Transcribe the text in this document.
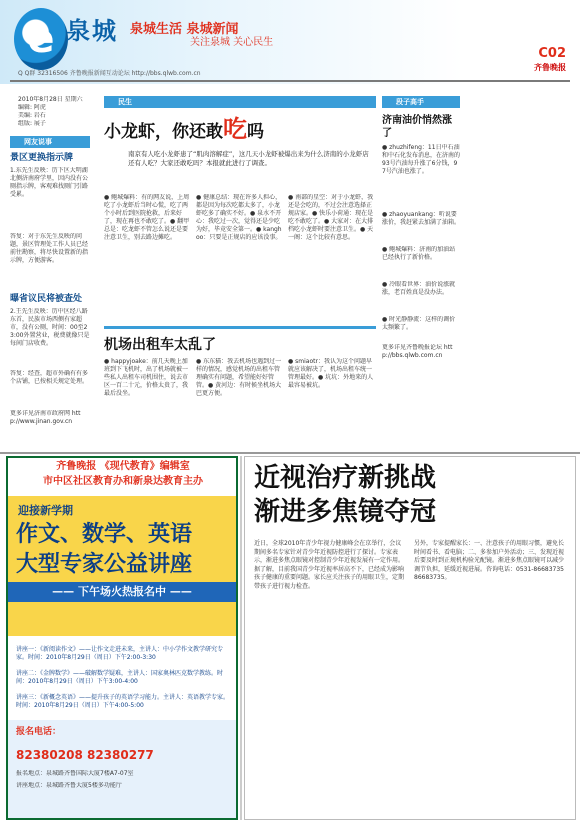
e 泉城 泉城生活 泉城新闻
关注泉城 关心民生
C02
齐鲁晚报
Q Q群 32316506 齐鲁晚报新闻互动论坛 http://bbs.qlwb.com.cn
2010年8月28日 星期六
编辑: 阿虎
美编: 岩石
组版: 展子
网友说事
景区更换指示牌
1.东先生反映：历下区大明湖北侧济南府学里，因内没有公厕指示牌，客观难找厕门引路受累。
答复：对于东先生反映的问题，景区管理处工作人员已经前往勘察，将尽快设置新的指示牌，方便游客。
曝省议民将被查处
2.王先生反映：历中区经八路东首，民族市场西侧有家超市，没有公厕，时间：00至23:00外置营业，税费就像只是每间门店收费。
答复：经查，超市外确有有多个店铺，已按相关规定处理。
更多详见济南市政府网 http://www.jinan.gov.cn
民生
小龙虾，你还敢吃吗
南京有人吃小龙虾患了“肌肉溶解症”，这几天小龙虾被爆出来为什么济南的小龙虾店还有人吃？大家还敢吃吗？本报就此进行了调查。
● 鲍城爆料：有的网友说，上周吃了小龙虾后当时心慌，吃了两个小时后到医院抢救，后来好了，现在再也不敢吃了。● 翻甲总是：吃龙虾不管怎么说还是要注意卫生，别去路边摊吃。
● 健康总结：现在许多人担心，都是因为每次吃都太多了，小龙虾吃多了确实不好。● 泉水不开心：我吃过一次，觉得还是少吃为好，毕竟安全第一。● kanghoo：只要是正规店的应该没事。
● 南部的星空：对于小龙虾，我还是会吃的，不过会注意选择正规店家。● 快乐小荷通：现在是吃不敢吃了。● 大家对：在大排档吃小龙虾时要注意卫生。● 天一阁：这个比较有意思。
机场出租车太乱了
● happyjoake：前几天晚上加班到下飞机时，出了机场就被一些私人出租车司机围住，说去市区一百二十元，价格太贵了，我最后没坐。
● 东东猫：我去机场也遇到过一样的情况，感觉机场的出租车管理确实有问题，希望能好好管管。● 黄河边：有时候坐机场大巴更方便。
● smiaotr：我认为这个问题早就应该解决了，机场出租车统一管理最好。● 坑坑：外地来的人最容易被坑。
段子高手
济南油价悄然涨了
● zhuzhifeng：11日中石油和中石化发布消息，在济南的93号汽油每升涨了6分钱，97号汽油也涨了。
● zhaoyuankang：听说要涨价，我赶紧去加满了油箱。
● 鲍城爆料：济南的加油站已经执行了新价格。
● 冷眼看世界：油价说涨就涨，老百姓真是没办法。
● 时光静静流：这样的调价太频繁了。
更多详见齐鲁晚报论坛 http://bbs.qlwb.com.cn
齐鲁晚报 《现代教育》编辑室
市中区社区教育办和新泉达教育主办
迎接新学期
作文、数学、英语
大型专家公益讲座
—— 下午场火热报名中 ——
讲座一：《新阅读作文》——让作文走进未来，主讲人：中小学作文教学研究专家。时间：2010年8月29日（周日）下午2:00-3:30
讲座二：《金牌数学》——破解数学疑难，主讲人：国家奥林匹克数学教练。时间：2010年8月29日（周日）下午3:00-4:00
讲座三：《新概念英语》——提升孩子的英语学习能力。主讲人：英语教学专家。时间：2010年8月29日（周日）下午4:00-5:00
报名电话：
82380208 82380277
报名地点：泉城路齐鲁国际大厦7楼A7-07室
讲座地点：泉城路齐鲁大厦5楼多功能厅
近视治疗新挑战
渐进多焦镜夺冠
近日，全球2010年青少年视力健康峰会在京举行，会议期间多名专家针对青少年近视防控进行了探讨。专家表示，渐进多焦点眼镜对控制青少年近视发展有一定作用。据了解，目前我国青少年近视率居高不下，已经成为影响孩子健康的重要问题。家长应关注孩子的用眼卫生，定期带孩子进行视力检查。
另外，专家提醒家长：一、注意孩子的用眼习惯，避免长时间看书、看电脑；二、多参加户外活动；三、发现近视后要及时到正规机构验光配镜。渐进多焦点眼镜可以减少调节负担，延缓近视进展。咨询电话：0531-86683735 86683735。
